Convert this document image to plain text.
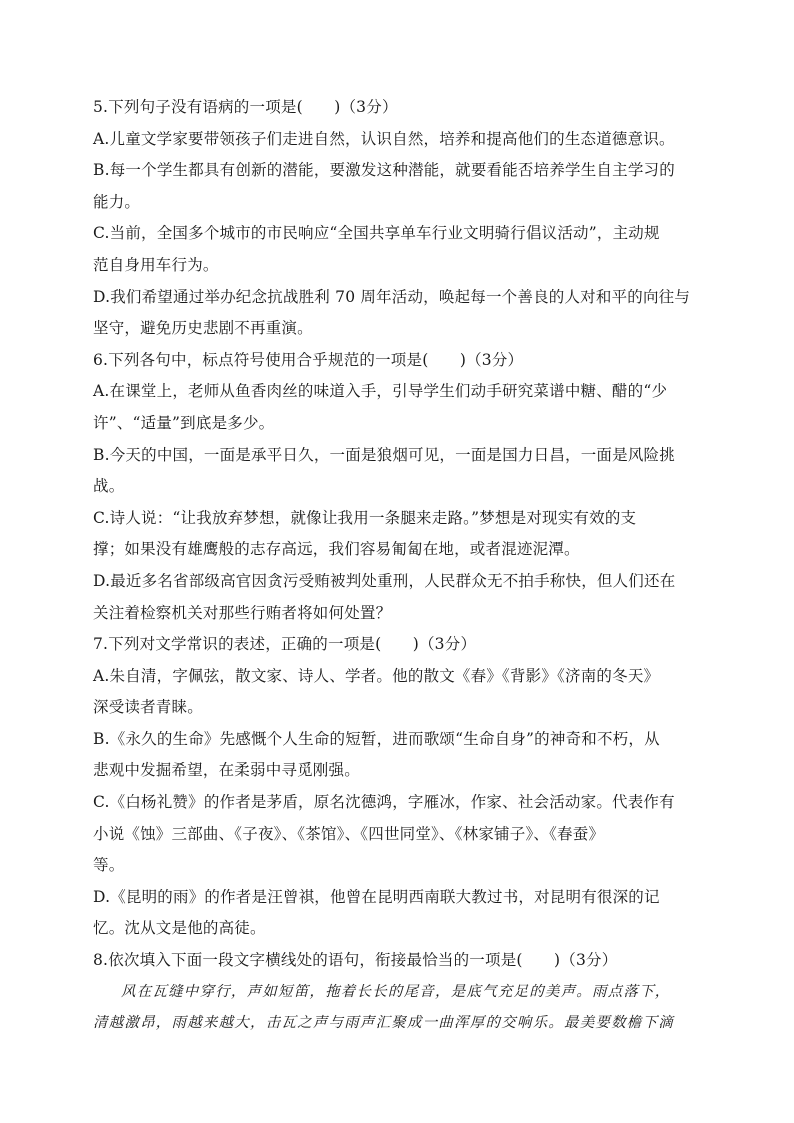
5.下列句子没有语病的一项是(　　)（3分）
A.儿童文学家要带领孩子们走进自然，认识自然，培养和提高他们的生态道德意识。
B.每一个学生都具有创新的潜能，要激发这种潜能，就要看能否培养学生自主学习的
能力。
C.当前，全国多个城市的市民响应“全国共享单车行业文明骑行倡议活动”，主动规
范自身用车行为。
D.我们希望通过举办纪念抗战胜利 70 周年活动，唤起每一个善良的人对和平的向往与
坚守，避免历史悲剧不再重演。
6.下列各句中，标点符号使用合乎规范的一项是(　　)（3分）
A.在课堂上，老师从鱼香肉丝的味道入手，引导学生们动手研究菜谱中糖、醋的“少
许”、“适量”到底是多少。
B.今天的中国，一面是承平日久，一面是狼烟可见，一面是国力日昌，一面是风险挑
战。
C.诗人说：“让我放弃梦想，就像让我用一条腿来走路。”梦想是对现实有效的支
撑；如果没有雄鹰般的志存高远，我们容易匍匐在地，或者混迹泥潭。
D.最近多名省部级高官因贪污受贿被判处重刑，人民群众无不拍手称快，但人们还在
关注着检察机关对那些行贿者将如何处置？
7.下列对文学常识的表述，正确的一项是(　　)（3分）
A.朱自清，字佩弦，散文家、诗人、学者。他的散文《春》《背影》《济南的冬天》
深受读者青睐。
B.《永久的生命》先感慨个人生命的短暂，进而歌颂“生命自身”的神奇和不朽，从
悲观中发掘希望，在柔弱中寻觅刚强。
C.《白杨礼赞》的作者是茅盾，原名沈德鸿，字雁冰，作家、社会活动家。代表作有
小说《蚀》三部曲、《子夜》、《茶馆》、《四世同堂》、《林家铺子》、《春蚕》
等。
D.《昆明的雨》的作者是汪曾祺，他曾在昆明西南联大教过书，对昆明有很深的记
忆。沈从文是他的高徒。
8.依次填入下面一段文字横线处的语句，衔接最恰当的一项是(　　)（3分）
风在瓦缝中穿行，声如短笛，拖着长长的尾音，是底气充足的美声。雨点落下，
清越激昂，雨越来越大，击瓦之声与雨声汇聚成一曲浑厚的交响乐。最美要数檐下滴
